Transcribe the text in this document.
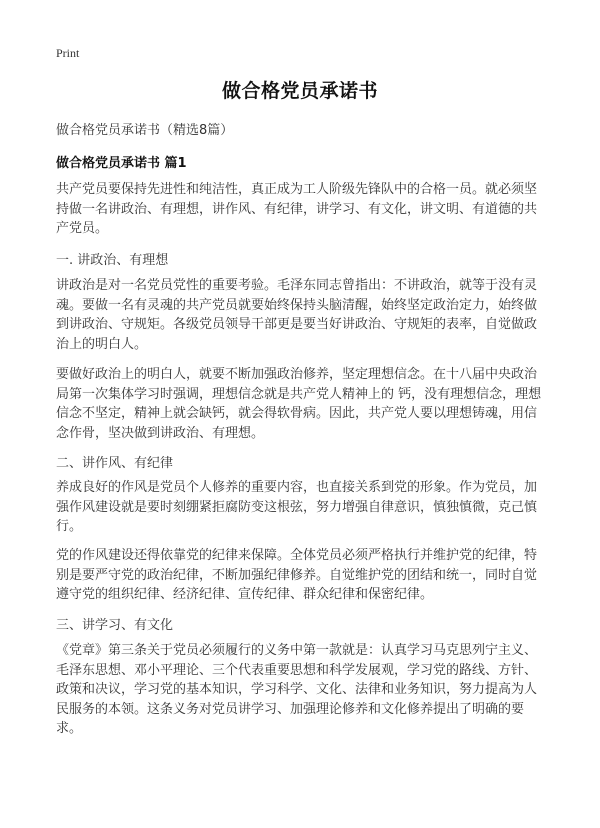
Print
做合格党员承诺书
做合格党员承诺书（精选8篇）
做合格党员承诺书 篇1

共产党员要保持先进性和纯洁性，真正成为工人阶级先锋队中的合格一员。就必须坚持做一名讲政治、有理想，讲作风、有纪律，讲学习、有文化，讲文明、有道德的共产党员。

一. 讲政治、有理想

讲政治是对一名党员党性的重要考验。毛泽东同志曾指出：不讲政治，就等于没有灵魂。要做一名有灵魂的共产党员就要始终保持头脑清醒，始终坚定政治定力，始终做到讲政治、守规矩。各级党员领导干部更是要当好讲政治、守规矩的表率，自觉做政治上的明白人。

要做好政治上的明白人，就要不断加强政治修养，坚定理想信念。在十八届中央政治局第一次集体学习时强调，理想信念就是共产党人精神上的 钙，没有理想信念，理想信念不坚定，精神上就会缺钙，就会得软骨病。因此，共产党人要以理想铸魂，用信念作骨，坚决做到讲政治、有理想。

二、讲作风、有纪律

养成良好的作风是党员个人修养的重要内容，也直接关系到党的形象。作为党员，加强作风建设就是要时刻绷紧拒腐防变这根弦，努力增强自律意识，慎独慎微，克己慎行。

党的作风建设还得依靠党的纪律来保障。全体党员必须严格执行并维护党的纪律，特别是要严守党的政治纪律，不断加强纪律修养。自觉维护党的团结和统一，同时自觉遵守党的组织纪律、经济纪律、宣传纪律、群众纪律和保密纪律。

三、讲学习、有文化

《党章》第三条关于党员必须履行的义务中第一款就是：认真学习马克思列宁主义、毛泽东思想、邓小平理论、三个代表重要思想和科学发展观，学习党的路线、方针、政策和决议，学习党的基本知识，学习科学、文化、法律和业务知识，努力提高为人民服务的本领。这条义务对党员讲学习、加强理论修养和文化修养提出了明确的要求。
